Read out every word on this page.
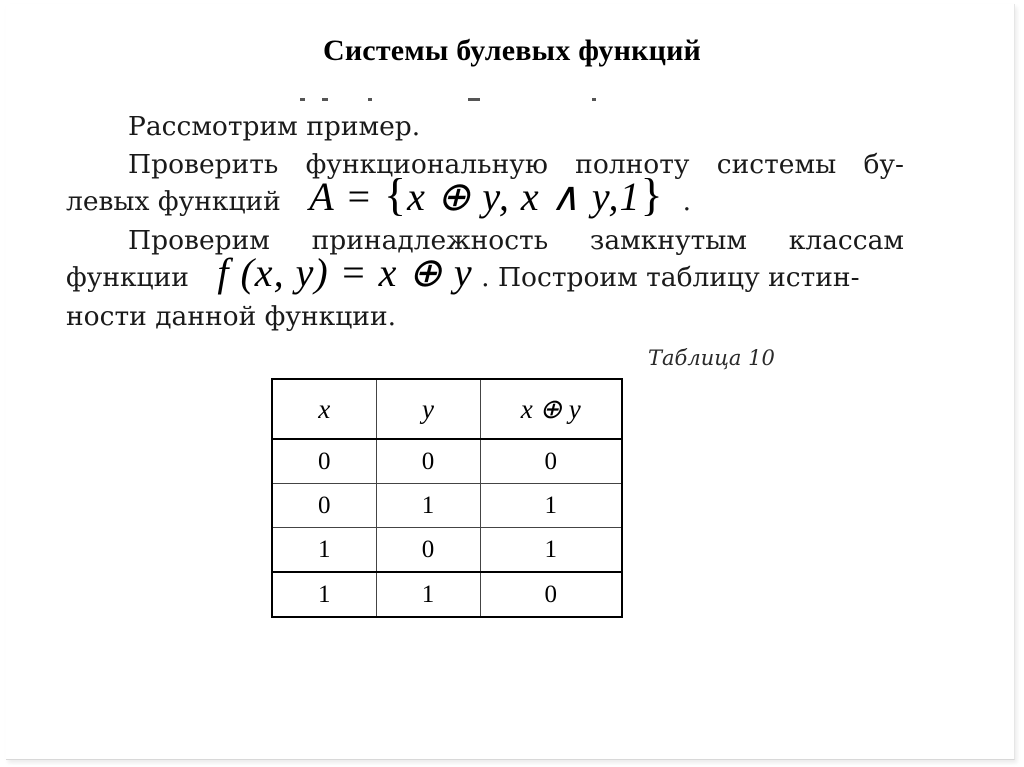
Системы булевых функций
Рассмотрим пример.
Проверить функциональную полноту системы бу-
левых функций A = {x ⊕ y, x ∧ y,1} .
Проверим принадлежность замкнутым классам
функции f (x, y) = x ⊕ y . Построим таблицу истин-
ности данной функции.
Таблица 10
x	y	x ⊕ y
0	0	0
0	1	1
1	0	1
1	1	0
